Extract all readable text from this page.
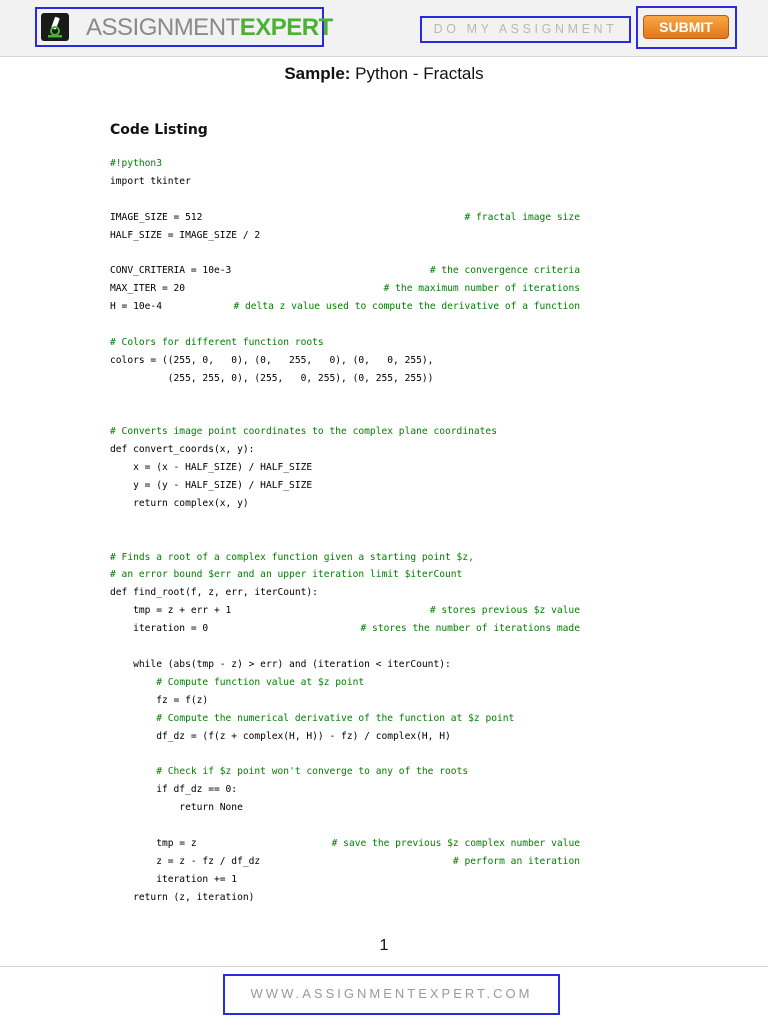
ASSIGNMENTEXPERT	DO MY ASSIGNMENT	SUBMIT
Sample: Python - Fractals
Code Listing
#!python3
import tkinter
IMAGE_SIZE = 512	# fractal image size
HALF_SIZE = IMAGE_SIZE / 2
CONV_CRITERIA = 10e-3	# the convergence criteria
MAX_ITER = 20	# the maximum number of iterations
H = 10e-4	# delta z value used to compute the derivative of a function
# Colors for different function roots
colors = ((255, 0,   0), (0,   255,   0), (0,   0, 255),
(255, 255, 0), (255,   0, 255), (0, 255, 255))
# Converts image point coordinates to the complex plane coordinates
def convert_coords(x, y):
x = (x - HALF_SIZE) / HALF_SIZE
y = (y - HALF_SIZE) / HALF_SIZE
return complex(x, y)
# Finds a root of a complex function given a starting point $z,
# an error bound $err and an upper iteration limit $iterCount
def find_root(f, z, err, iterCount):
tmp = z + err + 1	# stores previous $z value
iteration = 0	# stores the number of iterations made
while (abs(tmp - z) > err) and (iteration < iterCount):
# Compute function value at $z point
fz = f(z)
# Compute the numerical derivative of the function at $z point
df_dz = (f(z + complex(H, H)) - fz) / complex(H, H)
# Check if $z point won't converge to any of the roots
if df_dz == 0:
return None
tmp = z	# save the previous $z complex number value
z = z - fz / df_dz	# perform an iteration
iteration += 1
return (z, iteration)
1
WWW.ASSIGNMENTEXPERT.COM
